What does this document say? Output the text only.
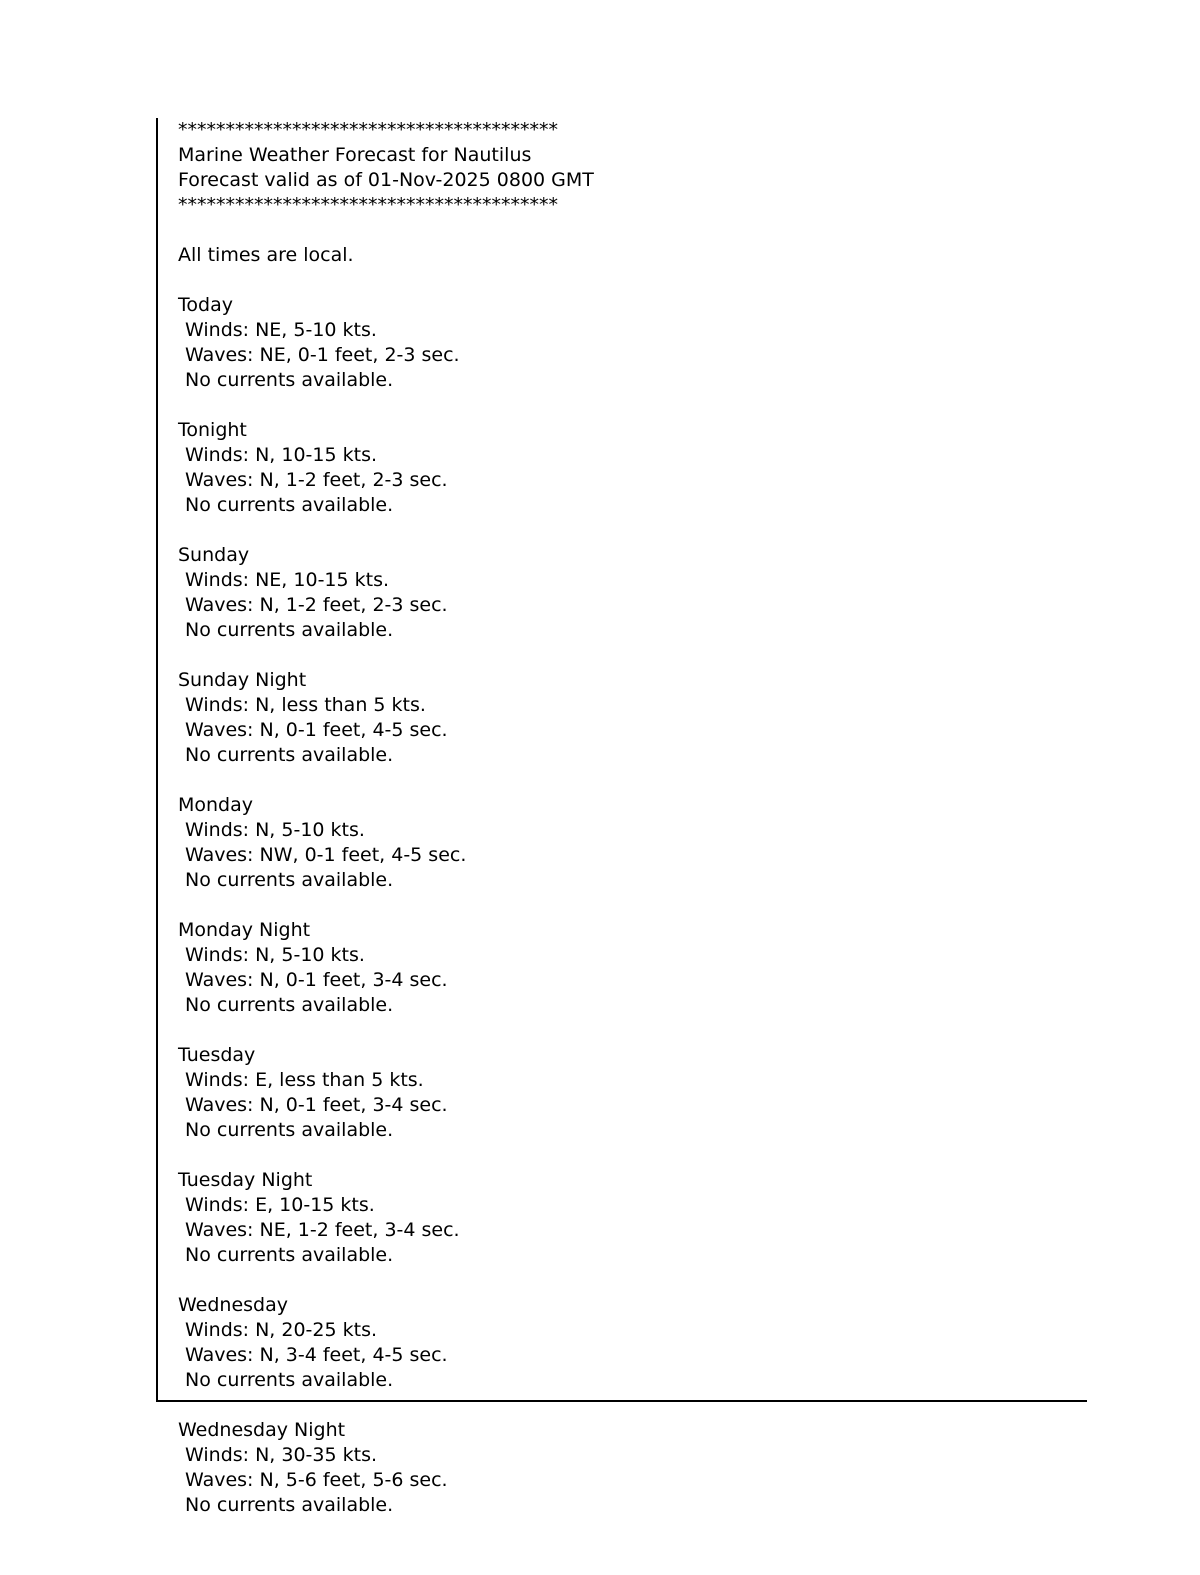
****************************************
Marine Weather Forecast for Nautilus
Forecast valid as of 01-Nov-2025 0800 GMT
****************************************
All times are local.
Today
Winds: NE, 5-10 kts.
Waves: NE, 0-1 feet, 2-3 sec.
No currents available.
Tonight
Winds: N, 10-15 kts.
Waves: N, 1-2 feet, 2-3 sec.
No currents available.
Sunday
Winds: NE, 10-15 kts.
Waves: N, 1-2 feet, 2-3 sec.
No currents available.
Sunday Night
Winds: N, less than 5 kts.
Waves: N, 0-1 feet, 4-5 sec.
No currents available.
Monday
Winds: N, 5-10 kts.
Waves: NW, 0-1 feet, 4-5 sec.
No currents available.
Monday Night
Winds: N, 5-10 kts.
Waves: N, 0-1 feet, 3-4 sec.
No currents available.
Tuesday
Winds: E, less than 5 kts.
Waves: N, 0-1 feet, 3-4 sec.
No currents available.
Tuesday Night
Winds: E, 10-15 kts.
Waves: NE, 1-2 feet, 3-4 sec.
No currents available.
Wednesday
Winds: N, 20-25 kts.
Waves: N, 3-4 feet, 4-5 sec.
No currents available.
Wednesday Night
Winds: N, 30-35 kts.
Waves: N, 5-6 feet, 5-6 sec.
No currents available.
